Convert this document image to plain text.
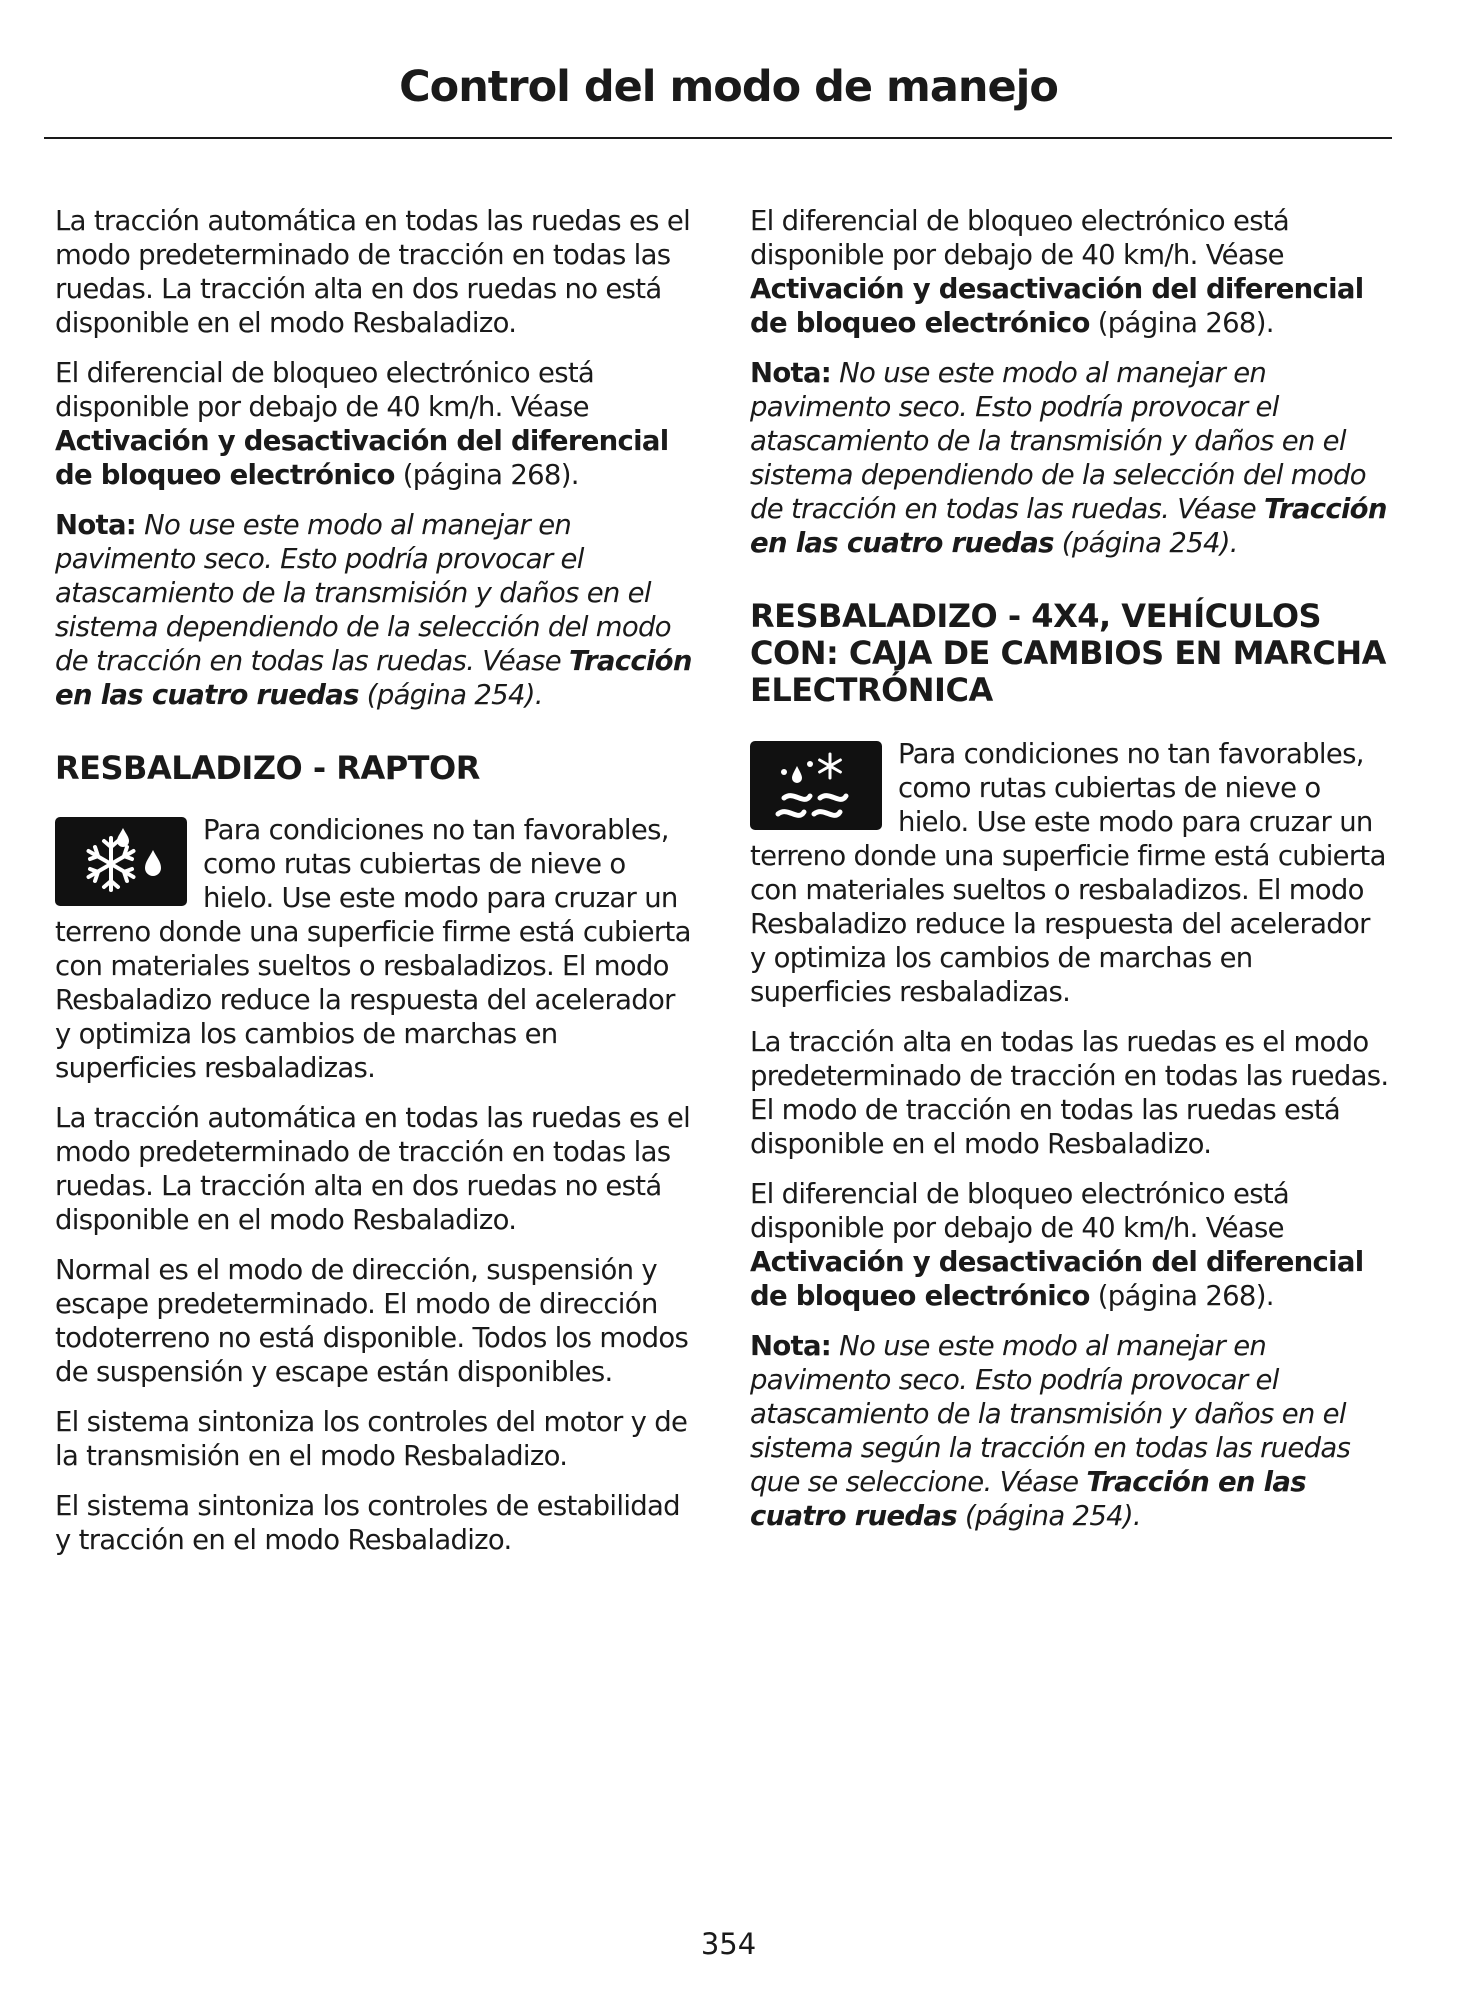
Control del modo de manejo

La tracción automática en todas las ruedas es el modo predeterminado de tracción en todas las ruedas. La tracción alta en dos ruedas no está disponible en el modo Resbaladizo.

El diferencial de bloqueo electrónico está disponible por debajo de 40 km/h. Véase Activación y desactivación del diferencial de bloqueo electrónico (página 268).

Nota: No use este modo al manejar en pavimento seco. Esto podría provocar el atascamiento de la transmisión y daños en el sistema dependiendo de la selección del modo de tracción en todas las ruedas. Véase Tracción en las cuatro ruedas (página 254).

RESBALADIZO - RAPTOR

Para condiciones no tan favorables, como rutas cubiertas de nieve o hielo. Use este modo para cruzar un terreno donde una superficie firme está cubierta con materiales sueltos o resbaladizos. El modo Resbaladizo reduce la respuesta del acelerador y optimiza los cambios de marchas en superficies resbaladizas.

La tracción automática en todas las ruedas es el modo predeterminado de tracción en todas las ruedas. La tracción alta en dos ruedas no está disponible en el modo Resbaladizo.

Normal es el modo de dirección, suspensión y escape predeterminado. El modo de dirección todoterreno no está disponible. Todos los modos de suspensión y escape están disponibles.

El sistema sintoniza los controles del motor y de la transmisión en el modo Resbaladizo.

El sistema sintoniza los controles de estabilidad y tracción en el modo Resbaladizo.

El diferencial de bloqueo electrónico está disponible por debajo de 40 km/h. Véase Activación y desactivación del diferencial de bloqueo electrónico (página 268).

Nota: No use este modo al manejar en pavimento seco. Esto podría provocar el atascamiento de la transmisión y daños en el sistema dependiendo de la selección del modo de tracción en todas las ruedas. Véase Tracción en las cuatro ruedas (página 254).

RESBALADIZO - 4X4, VEHÍCULOS CON: CAJA DE CAMBIOS EN MARCHA ELECTRÓNICA

Para condiciones no tan favorables, como rutas cubiertas de nieve o hielo. Use este modo para cruzar un terreno donde una superficie firme está cubierta con materiales sueltos o resbaladizos. El modo Resbaladizo reduce la respuesta del acelerador y optimiza los cambios de marchas en superficies resbaladizas.

La tracción alta en todas las ruedas es el modo predeterminado de tracción en todas las ruedas. El modo de tracción en todas las ruedas está disponible en el modo Resbaladizo.

El diferencial de bloqueo electrónico está disponible por debajo de 40 km/h. Véase Activación y desactivación del diferencial de bloqueo electrónico (página 268).

Nota: No use este modo al manejar en pavimento seco. Esto podría provocar el atascamiento de la transmisión y daños en el sistema según la tracción en todas las ruedas que se seleccione. Véase Tracción en las cuatro ruedas (página 254).

354
